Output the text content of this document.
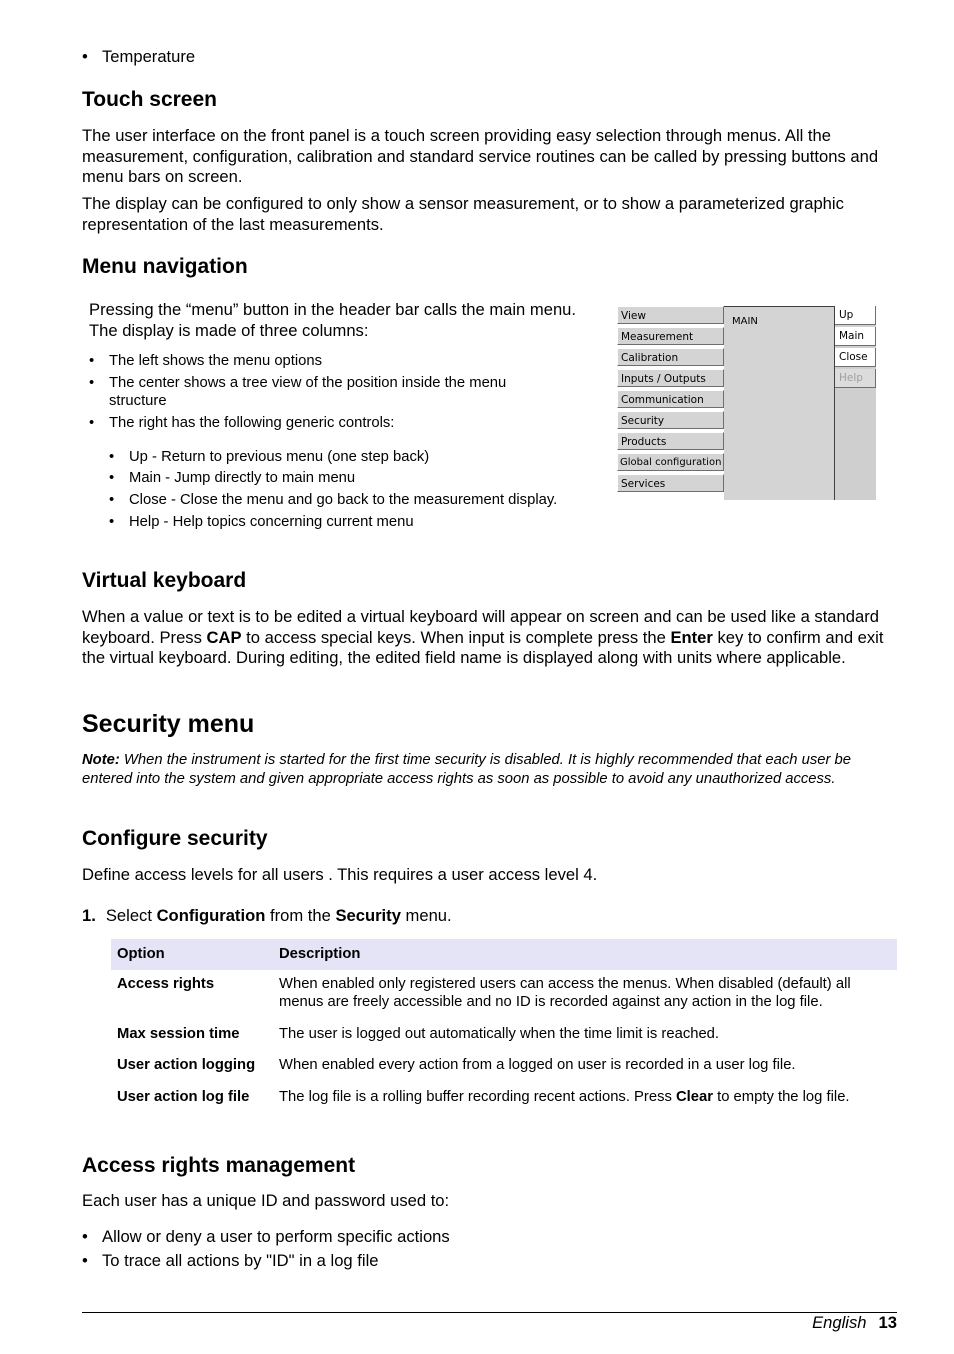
• Temperature
Touch screen

The user interface on the front panel is a touch screen providing easy selection through menus. All the measurement, configuration, calibration and standard service routines can be called by pressing buttons and menu bars on screen.

The display can be configured to only show a sensor measurement, or to show a parameterized graphic representation of the last measurements.

Menu navigation

Pressing the “menu” button in the header bar calls the main menu. The display is made of three columns:

• The left shows the menu options
• The center shows a tree view of the position inside the menu structure
• The right has the following generic controls:
• Up - Return to previous menu (one step back)
• Main - Jump directly to main menu
• Close - Close the menu and go back to the measurement display.
• Help - Help topics concerning current menu
Virtual keyboard

When a value or text is to be edited a virtual keyboard will appear on screen and can be used like a standard keyboard. Press CAP to access special keys. When input is complete press the Enter key to confirm and exit the virtual keyboard. During editing, the edited field name is displayed along with units where applicable.

Security menu

Note: When the instrument is started for the first time security is disabled. It is highly recommended that each user be entered into the system and given appropriate access rights as soon as possible to avoid any unauthorized access.

Configure security

Define access levels for all users . This requires a user access level 4.

1. Select Configuration from the Security menu.

Option	Description
Access rights	When enabled only registered users can access the menus. When disabled (default) all menus are freely accessible and no ID is recorded against any action in the log file.
Max session time	The user is logged out automatically when the time limit is reached.
User action logging	When enabled every action from a logged on user is recorded in a user log file.
User action log file	The log file is a rolling buffer recording recent actions. Press Clear to empty the log file.
Access rights management

Each user has a unique ID and password used to:

• Allow or deny a user to perform specific actions
• To trace all actions by "ID" in a log file
View
Measurement
Calibration
Inputs / Outputs
Communication
Security
Products
Global configuration
Services
MAIN
Up
Main
Close
Help
English 13
